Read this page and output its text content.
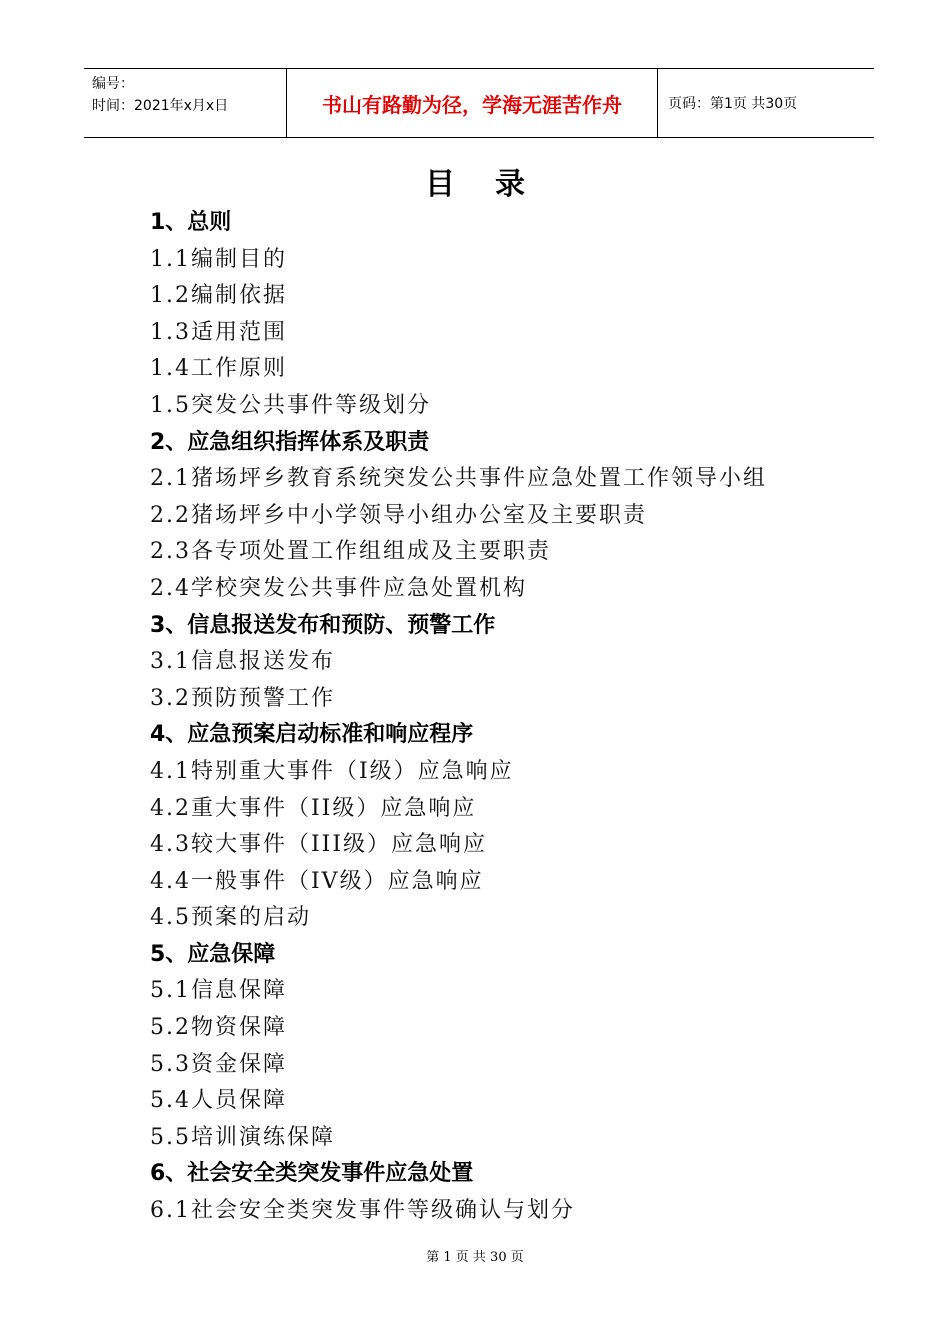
编号：
时间：2021年x月x日	书山有路勤为径，学海无涯苦作舟	页码：第1页 共30页
目录
1、总则
1.1编制目的
1.2编制依据
1.3适用范围
1.4工作原则
1.5突发公共事件等级划分
2、应急组织指挥体系及职责
2.1猪场坪乡教育系统突发公共事件应急处置工作领导小组
2.2猪场坪乡中小学领导小组办公室及主要职责
2.3各专项处置工作组组成及主要职责
2.4学校突发公共事件应急处置机构
3、信息报送发布和预防、预警工作
3.1信息报送发布
3.2预防预警工作
4、应急预案启动标准和响应程序
4.1特别重大事件（I级）应急响应
4.2重大事件（II级）应急响应
4.3较大事件（III级）应急响应
4.4一般事件（IV级）应急响应
4.5预案的启动
5、应急保障
5.1信息保障
5.2物资保障
5.3资金保障
5.4人员保障
5.5培训演练保障
6、社会安全类突发事件应急处置
6.1社会安全类突发事件等级确认与划分
第 1 页 共 30 页
